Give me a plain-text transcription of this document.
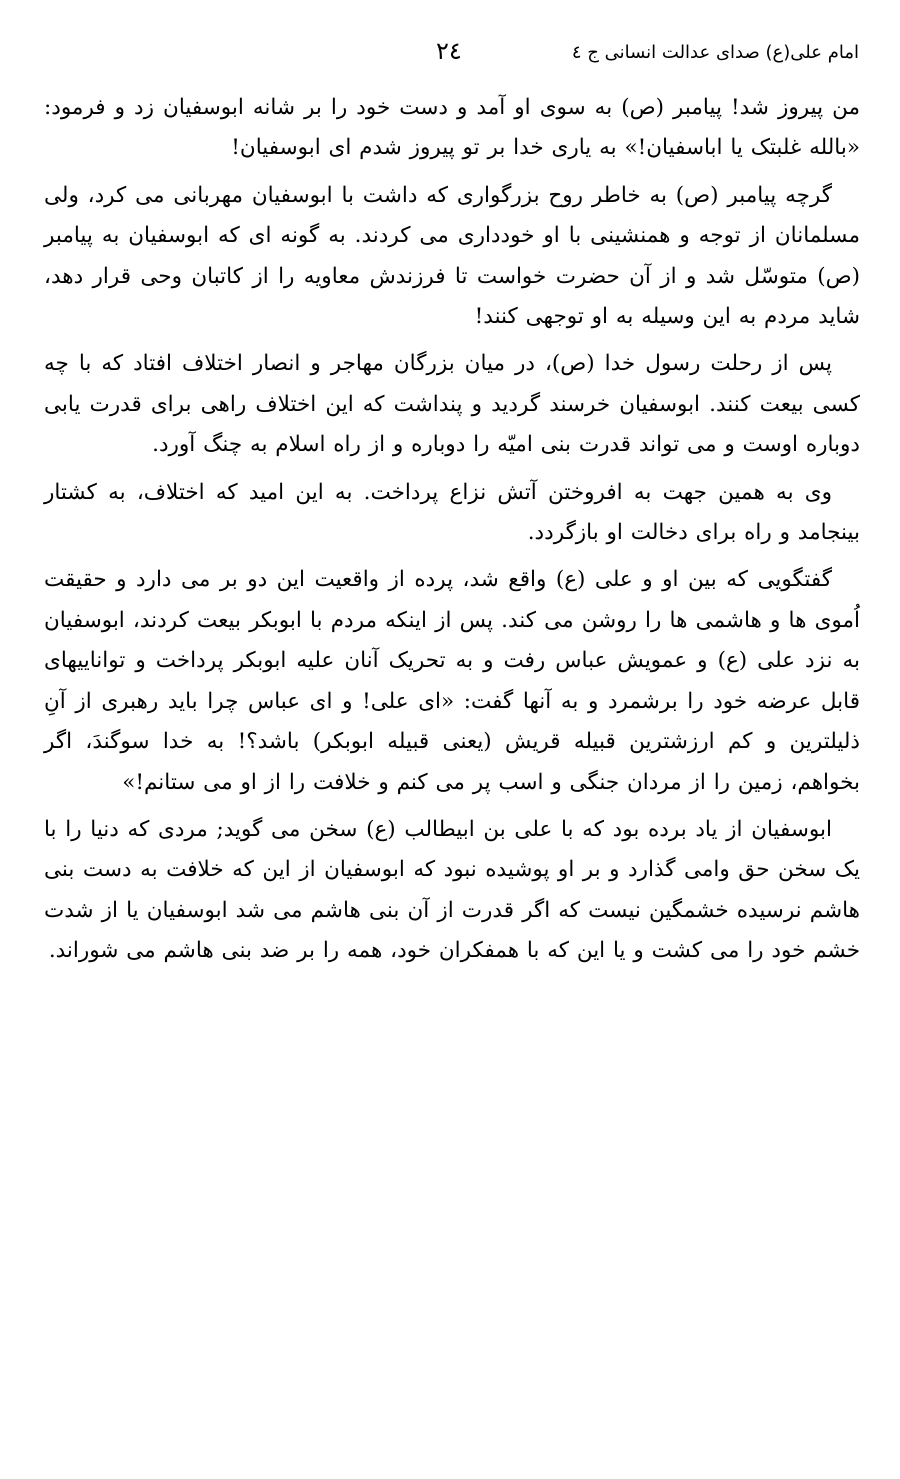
امام علی(ع) صدای عدالت انسانی ج ٤
٢٤

من پیروز شد! پیامبر (ص) به سوی او آمد و دست خود را بر شانه ابوسفیان زد و فرمود: «بالله غلبتک یا اباسفیان!» به یاری خدا بر تو پیروز شدم ای ابوسفیان!

گرچه پیامبر (ص) به خاطر روح بزرگواری که داشت با ابوسفیان مهربانی می کرد، ولی مسلمانان از توجه و همنشینی با او خودداری می کردند. به گونه ای که ابوسفیان به پیامبر (ص) متوسّل شد و از آن حضرت خواست تا فرزندش معاویه را از کاتبان وحی قرار دهد، شاید مردم به این وسیله به او توجهی کنند!

پس از رحلت رسول خدا (ص)، در میان بزرگان مهاجر و انصار اختلاف افتاد که با چه کسی بیعت کنند. ابوسفیان خرسند گردید و پنداشت که این اختلاف راهی برای قدرت یابی دوباره اوست و می تواند قدرت بنی امیّه را دوباره و از راه اسلام به چنگ آورد.

وی به همین جهت به افروختن آتش نزاع پرداخت. به این امید که اختلاف، به کشتار بینجامد و راه برای دخالت او بازگردد.

گفتگویی که بین او و علی (ع) واقع شد، پرده از واقعیت این دو بر می دارد و حقیقت اُموی ها و هاشمی ها را روشن می کند. پس از اینکه مردم با ابوبکر بیعت کردند، ابوسفیان به نزد علی (ع) و عمویش عباس رفت و به تحریک آنان علیه ابوبکر پرداخت و تواناییهای قابل عرضه خود را برشمرد و به آنها گفت: «ای علی! و ای عباس چرا باید رهبری از آنِ ذلیلترین و کم ارزشترین قبیله قریش (یعنی قبیله ابوبکر) باشد؟! به خدا سوگندَ، اگر بخواهم، زمین را از مردان جنگی و اسب پر می کنم و خلافت را از او می ستانم!»

ابوسفیان از یاد برده بود که با علی بن ابیطالب (ع) سخن می گوید; مردی که دنیا را با یک سخن حق وامی گذارد و بر او پوشیده نبود که ابوسفیان از این که خلافت به دست بنی هاشم نرسیده خشمگین نیست که اگر قدرت از آن بنی هاشم می شد ابوسفیان یا از شدت خشم خود را می کشت و یا این که با همفکران خود، همه را بر ضد بنی هاشم می شوراند.
